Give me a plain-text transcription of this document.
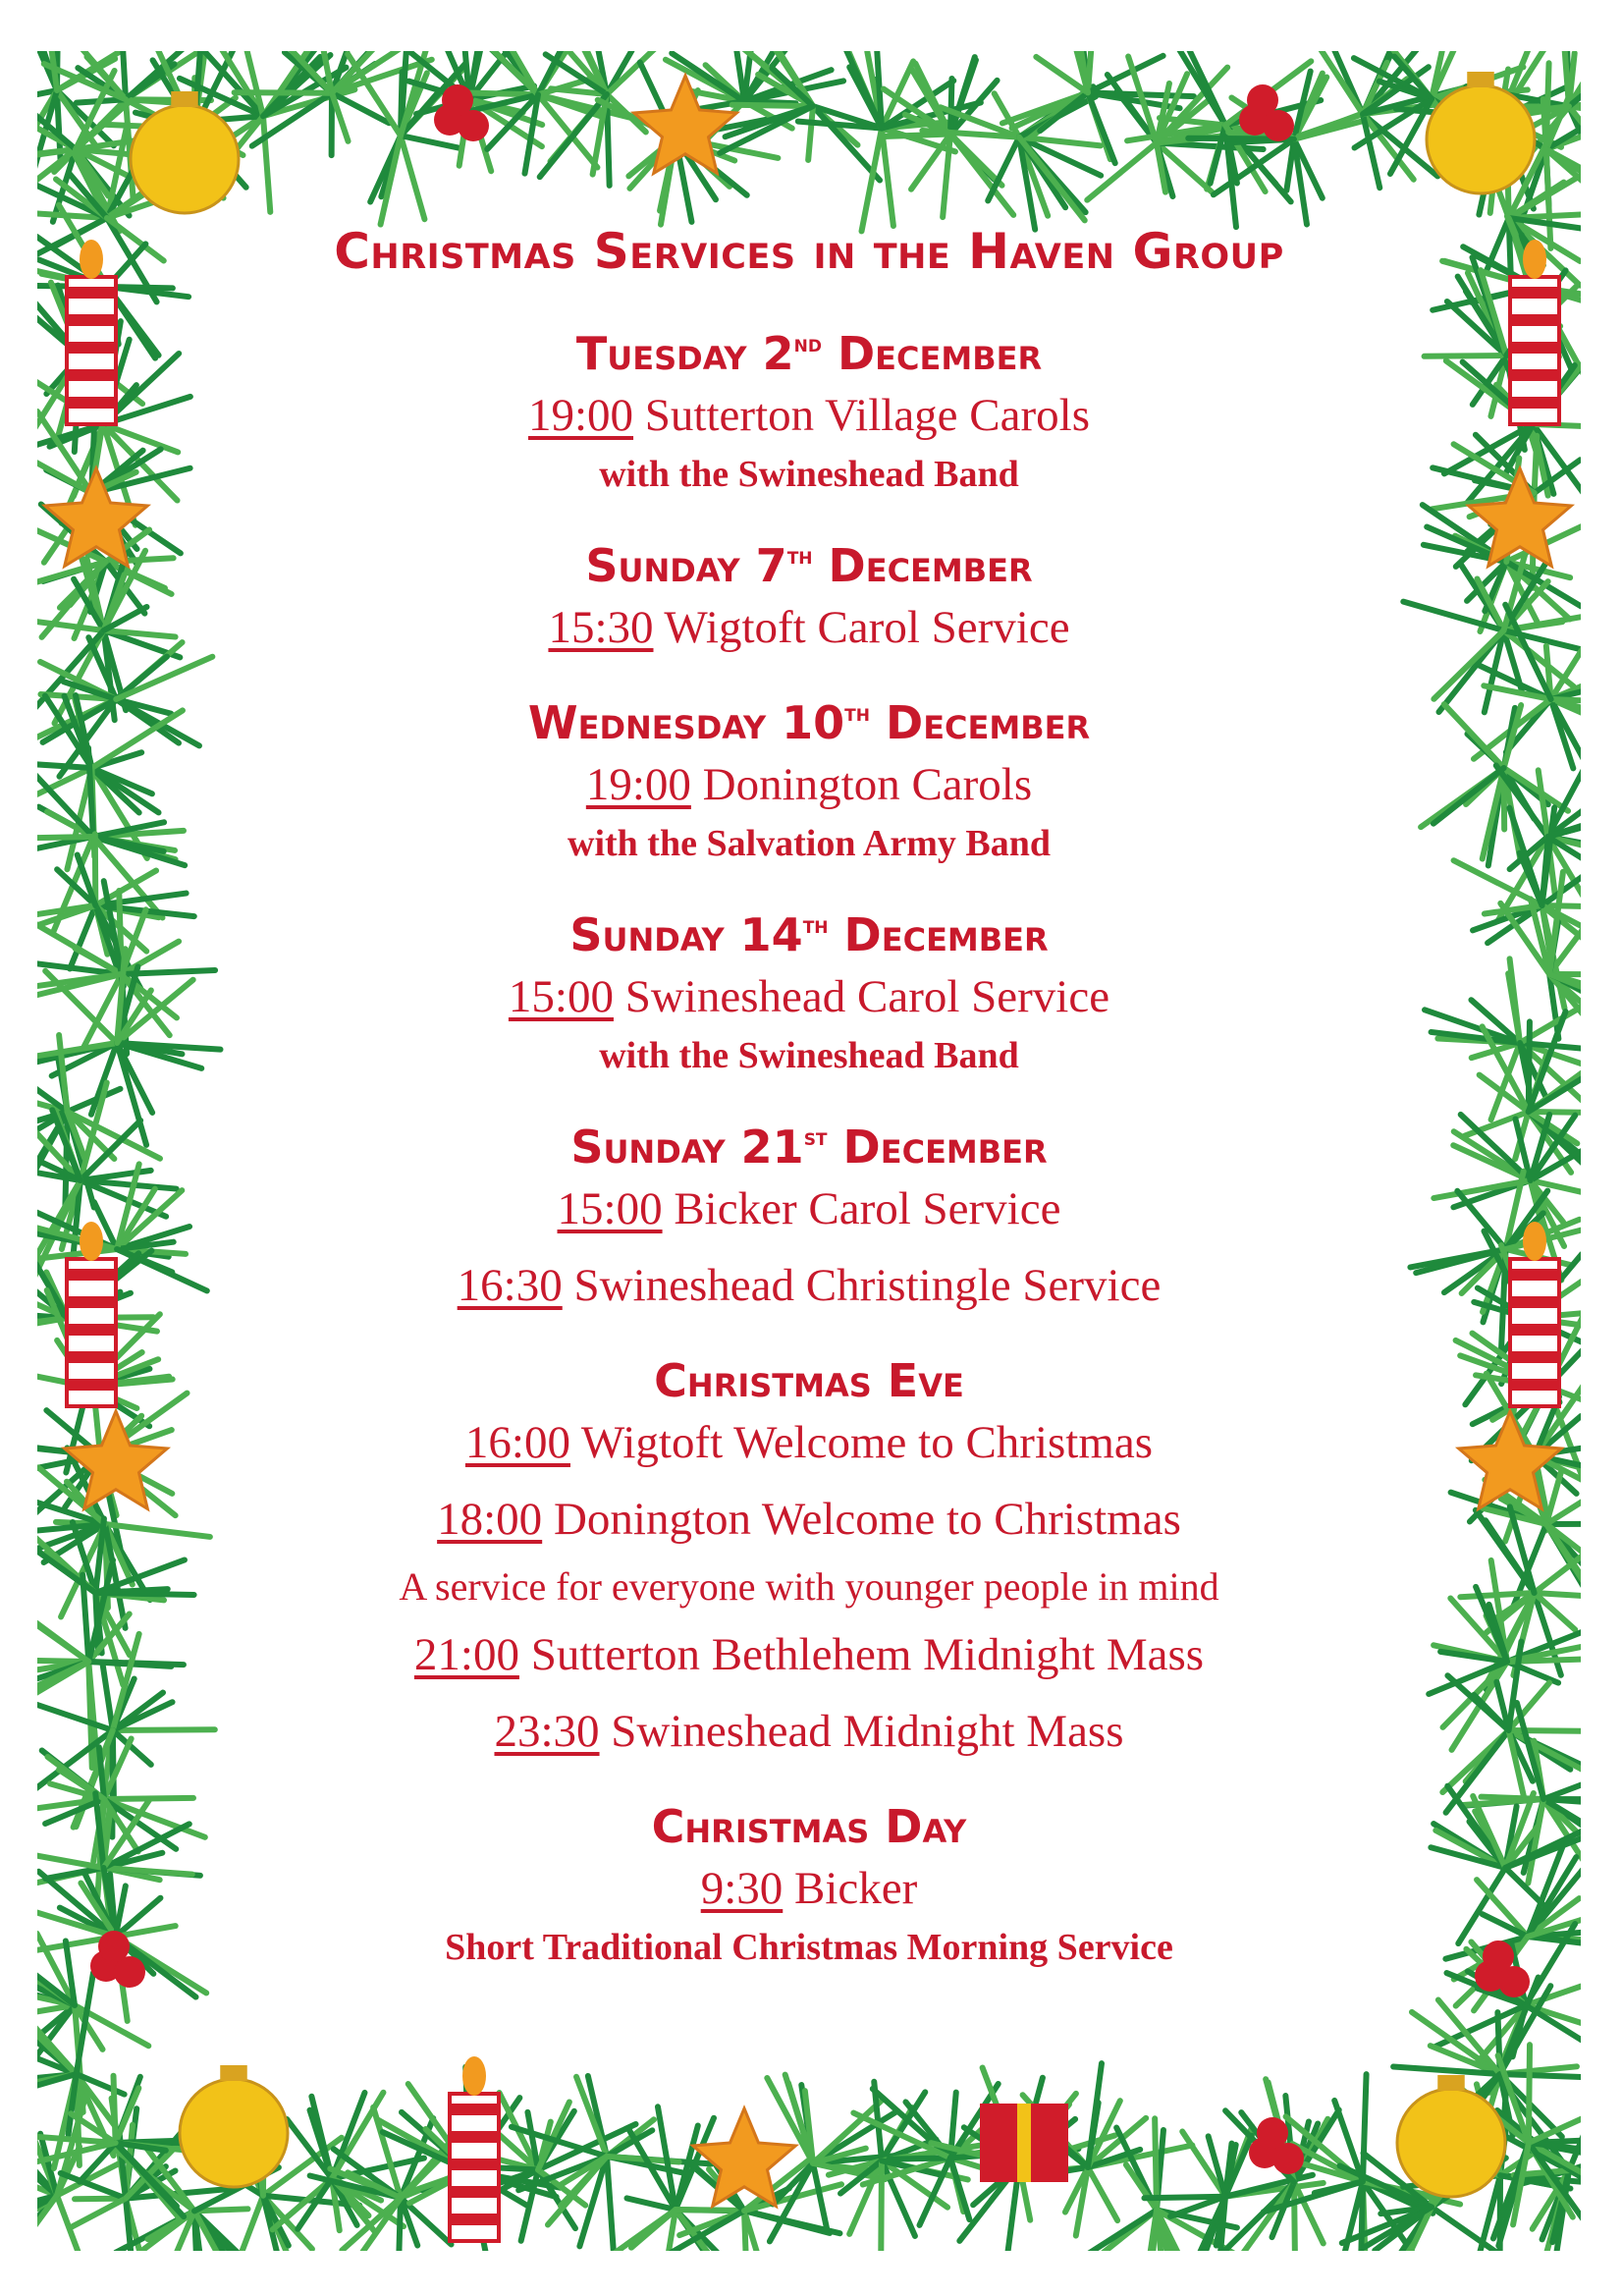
Christmas Services in the Haven Group
Tuesday 2nd December
19:00 Sutterton Village Carols
with the Swineshead Band
Sunday 7th December
15:30 Wigtoft Carol Service
Wednesday 10th December
19:00 Donington Carols
with the Salvation Army Band
Sunday 14th December
15:00 Swineshead Carol Service
with the Swineshead Band
Sunday 21st December
15:00 Bicker Carol Service
16:30 Swineshead Christingle Service
Christmas Eve
16:00 Wigtoft Welcome to Christmas
18:00 Donington Welcome to Christmas
A service for everyone with younger people in mind
21:00 Sutterton Bethlehem Midnight Mass
23:30 Swineshead Midnight Mass
Christmas Day
9:30 Bicker
Short Traditional Christmas Morning Service
